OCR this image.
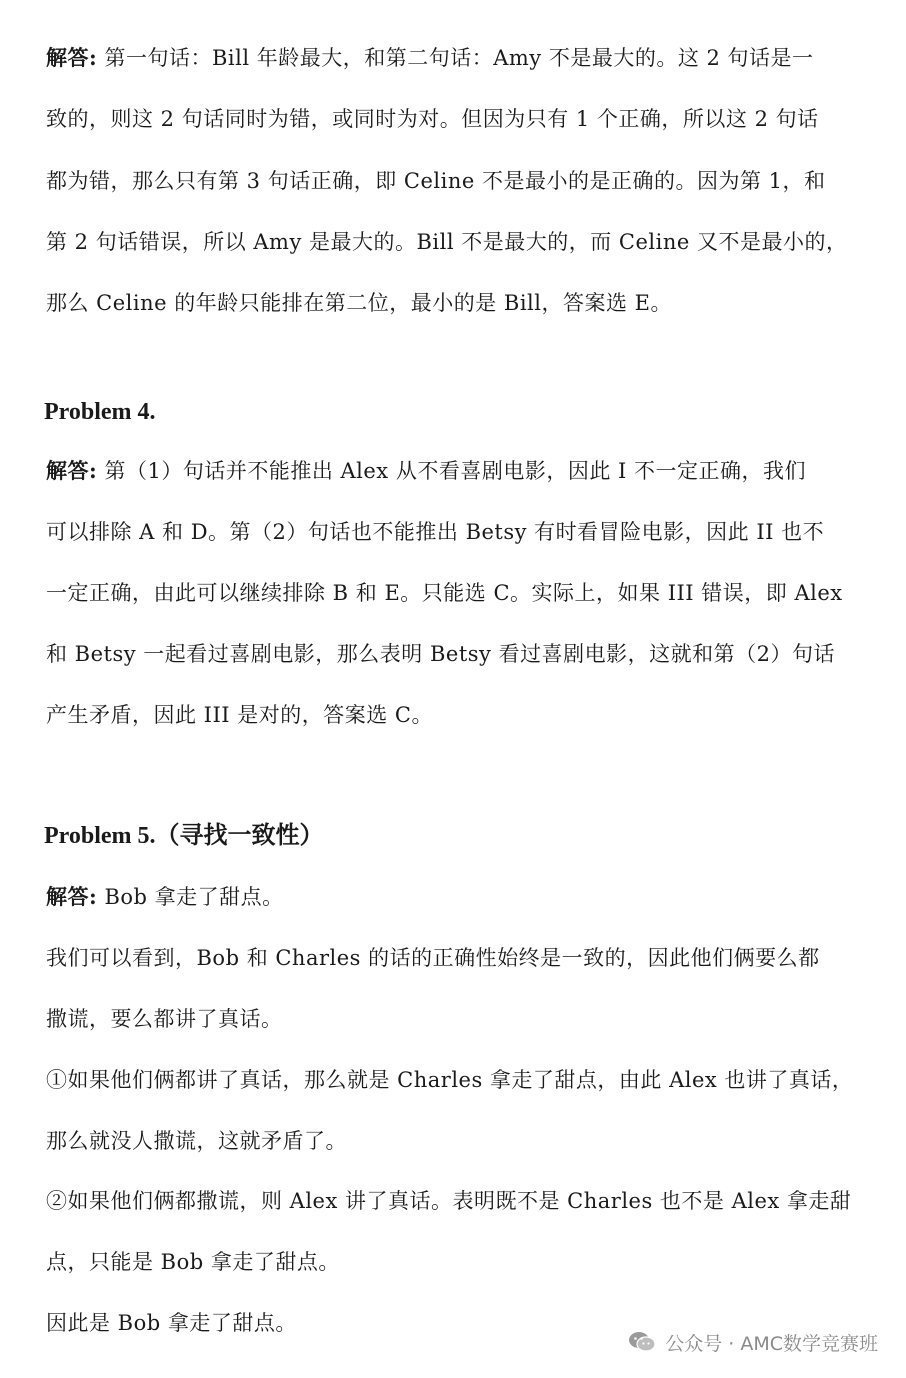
解答: 第一句话：Bill 年龄最大，和第二句话：Amy 不是最大的。这 2 句话是一
致的，则这 2 句话同时为错，或同时为对。但因为只有 1 个正确，所以这 2 句话
都为错，那么只有第 3 句话正确，即 Celine 不是最小的是正确的。因为第 1，和
第 2 句话错误，所以 Amy 是最大的。Bill 不是最大的，而 Celine 又不是最小的，
那么 Celine 的年龄只能排在第二位，最小的是 Bill，答案选 E。
Problem 4.
解答: 第（1）句话并不能推出 Alex 从不看喜剧电影，因此 I 不一定正确，我们
可以排除 A 和 D。第（2）句话也不能推出 Betsy 有时看冒险电影，因此 II 也不
一定正确，由此可以继续排除 B 和 E。只能选 C。实际上，如果 III 错误，即 Alex
和 Betsy 一起看过喜剧电影，那么表明 Betsy 看过喜剧电影，这就和第（2）句话
产生矛盾，因此 III 是对的，答案选 C。
Problem 5.（寻找一致性）
解答: Bob 拿走了甜点。
我们可以看到，Bob 和 Charles 的话的正确性始终是一致的，因此他们俩要么都
撒谎，要么都讲了真话。
①如果他们俩都讲了真话，那么就是 Charles 拿走了甜点，由此 Alex 也讲了真话，
那么就没人撒谎，这就矛盾了。
②如果他们俩都撒谎，则 Alex 讲了真话。表明既不是 Charles 也不是 Alex 拿走甜
点，只能是 Bob 拿走了甜点。
因此是 Bob 拿走了甜点。
公众号 · AMC数学竞赛班
